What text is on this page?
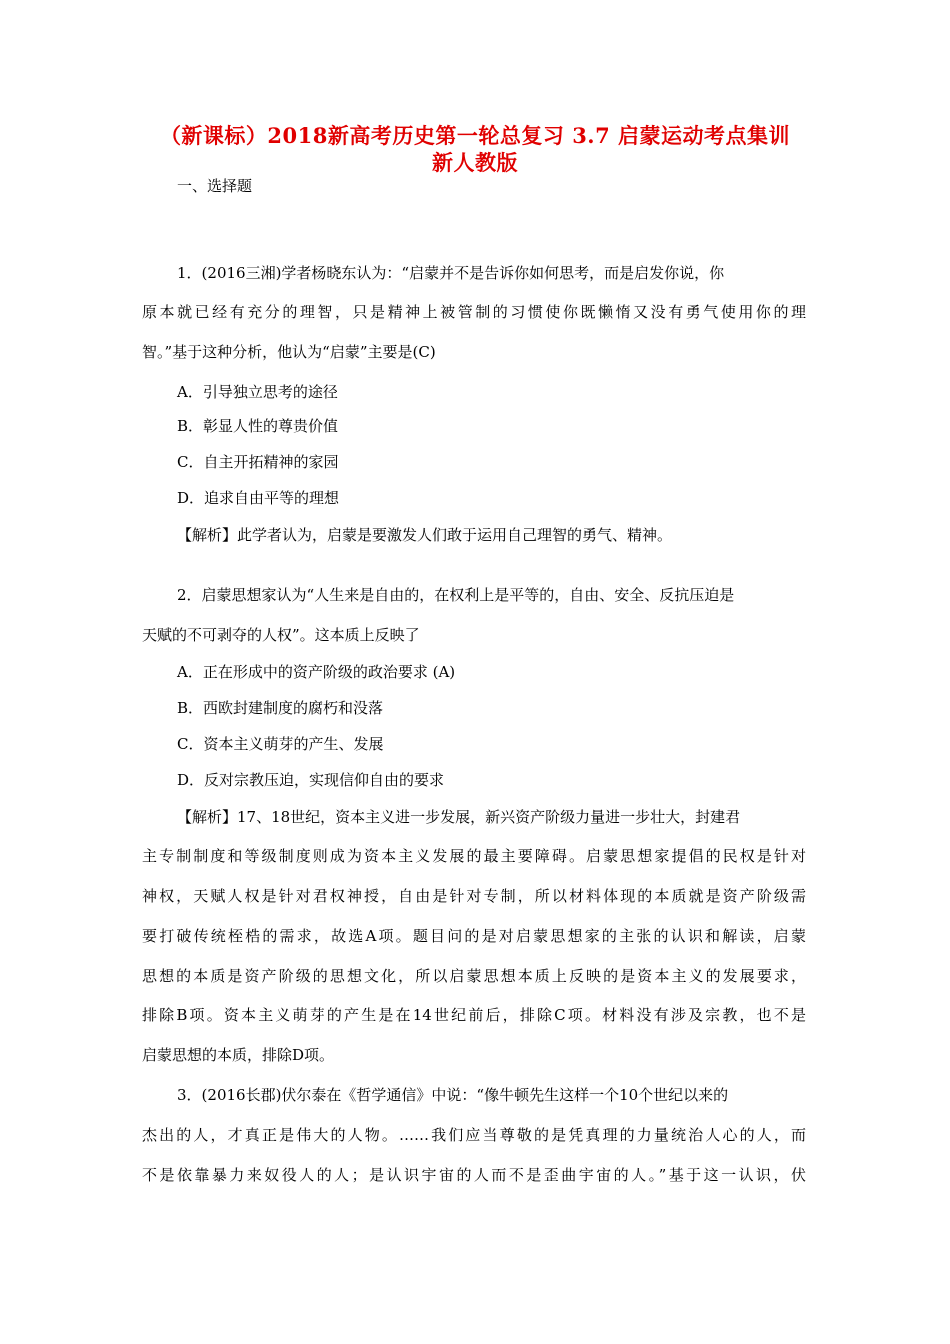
（新课标）2018新高考历史第一轮总复习 3.7 启蒙运动考点集训
新人教版
一、选择题
1．(2016三湘)学者杨晓东认为：“启蒙并不是告诉你如何思考，而是启发你说，你
原本就已经有充分的理智，只是精神上被管制的习惯使你既懒惰又没有勇气使用你的理
智。”基于这种分析，他认为“启蒙”主要是(C)
A．引导独立思考的途径
B．彰显人性的尊贵价值
C．自主开拓精神的家园
D．追求自由平等的理想
【解析】此学者认为，启蒙是要激发人们敢于运用自己理智的勇气、精神。
2．启蒙思想家认为“人生来是自由的，在权利上是平等的，自由、安全、反抗压迫是
天赋的不可剥夺的人权”。这本质上反映了
A．正在形成中的资产阶级的政治要求 (A)
B．西欧封建制度的腐朽和没落
C．资本主义萌芽的产生、发展
D．反对宗教压迫，实现信仰自由的要求
【解析】17、18世纪，资本主义进一步发展，新兴资产阶级力量进一步壮大，封建君
主专制制度和等级制度则成为资本主义发展的最主要障碍。启蒙思想家提倡的民权是针对
神权，天赋人权是针对君权神授，自由是针对专制，所以材料体现的本质就是资产阶级需
要打破传统桎梏的需求，故选A项。题目问的是对启蒙思想家的主张的认识和解读，启蒙
思想的本质是资产阶级的思想文化，所以启蒙思想本质上反映的是资本主义的发展要求，
排除B项。资本主义萌芽的产生是在14世纪前后，排除C项。材料没有涉及宗教，也不是
启蒙思想的本质，排除D项。
3．(2016长郡)伏尔泰在《哲学通信》中说：“像牛顿先生这样一个10个世纪以来的
杰出的人，才真正是伟大的人物。……我们应当尊敬的是凭真理的力量统治人心的人，而
不是依靠暴力来奴役人的人；是认识宇宙的人而不是歪曲宇宙的人。”基于这一认识，伏
